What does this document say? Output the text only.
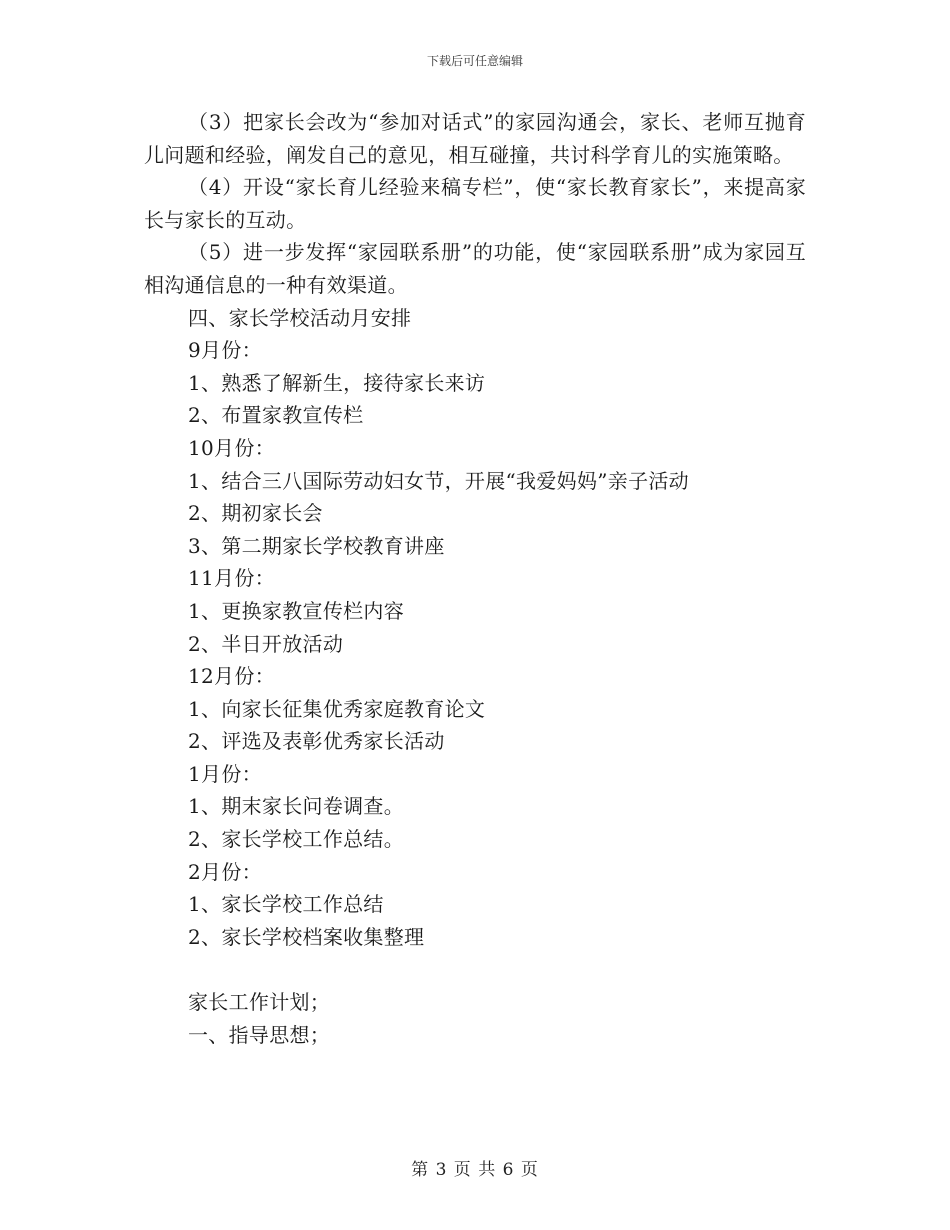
下载后可任意编辑

（3）把家长会改为“参加对话式”的家园沟通会，家长、老师互抛育儿问题和经验，阐发自己的意见，相互碰撞，共讨科学育儿的实施策略。

（4）开设“家长育儿经验来稿专栏”，使“家长教育家长”，来提高家长与家长的互动。

（5）进一步发挥“家园联系册”的功能，使“家园联系册”成为家园互相沟通信息的一种有效渠道。

四、家长学校活动月安排

9月份：

1、熟悉了解新生，接待家长来访

2、布置家教宣传栏

10月份：

1、结合三八国际劳动妇女节，开展“我爱妈妈”亲子活动

2、期初家长会

3、第二期家长学校教育讲座

11月份：

1、更换家教宣传栏内容

2、半日开放活动

12月份：

1、向家长征集优秀家庭教育论文

2、评选及表彰优秀家长活动

1月份：

1、期末家长问卷调查。

2、家长学校工作总结。

2月份：

1、家长学校工作总结

2、家长学校档案收集整理

家长工作计划；

一、指导思想；

第 3 页 共 6 页
